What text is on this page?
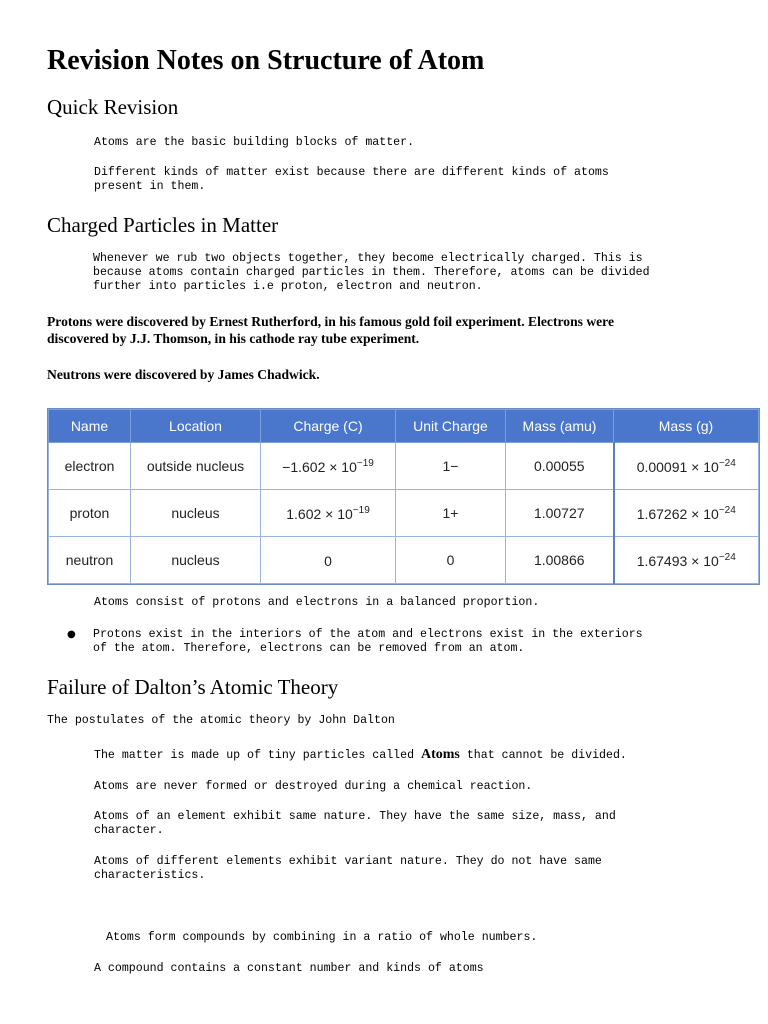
Revision Notes on Structure of Atom
Quick Revision
Atoms are the basic building blocks of matter.
Different kinds of matter exist because there are different kinds of atoms
present in them.
Charged Particles in Matter
Whenever we rub two objects together, they become electrically charged. This is
because atoms contain charged particles in them. Therefore, atoms can be divided
further into particles i.e proton, electron and neutron.
Protons were discovered by Ernest Rutherford, in his famous gold foil experiment. Electrons were
discovered by J.J. Thomson, in his cathode ray tube experiment.
Neutrons were discovered by James Chadwick.
Name	Location	Charge (C)	Unit Charge	Mass (amu)	Mass (g)
electron	outside nucleus	$-1.602 \times 10^{-19}$	1−	0.00055	$0.00091 \times 10^{-24}$
proton	nucleus	$1.602 \times 10^{-19}$	1+	1.00727	$1.67262 \times 10^{-24}$
neutron	nucleus	0	0	1.00866	$1.67493 \times 10^{-24}$
Atoms consist of protons and electrons in a balanced proportion.
● Protons exist in the interiors of the atom and electrons exist in the exteriors
of the atom. Therefore, electrons can be removed from an atom.
Failure of Dalton’s Atomic Theory
The postulates of the atomic theory by John Dalton
The matter is made up of tiny particles called Atoms that cannot be divided.
Atoms are never formed or destroyed during a chemical reaction.
Atoms of an element exhibit same nature. They have the same size, mass, and
character.
Atoms of different elements exhibit variant nature. They do not have same
characteristics.
Atoms form compounds by combining in a ratio of whole numbers.
A compound contains a constant number and kinds of atoms
